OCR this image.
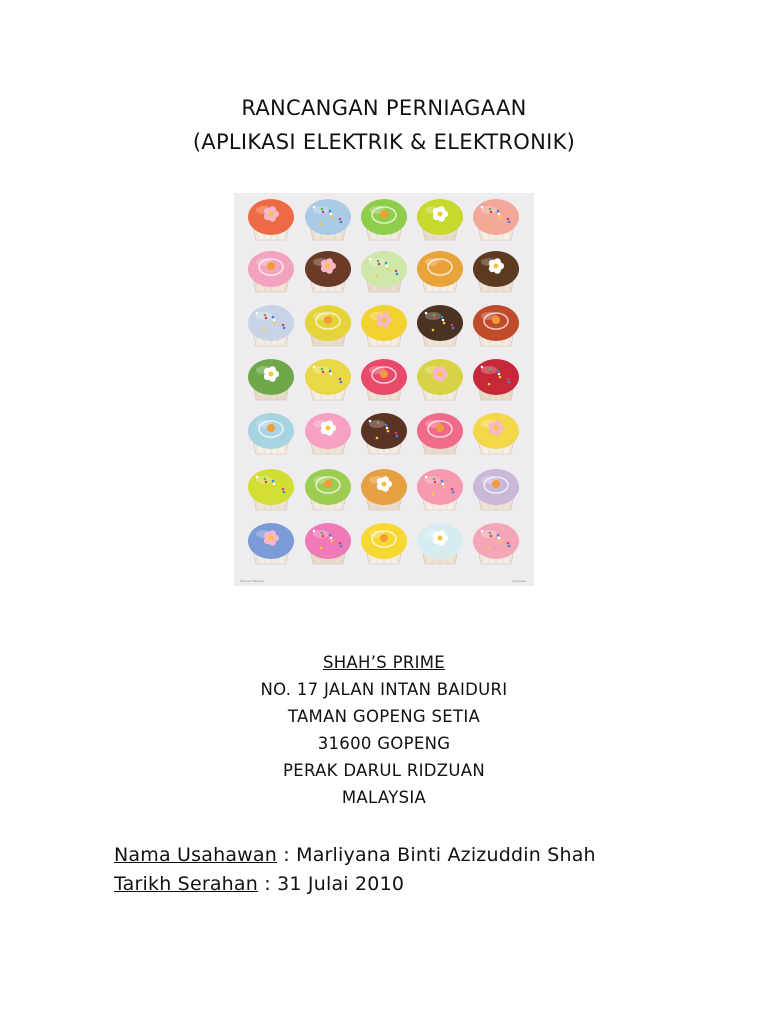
RANCANGAN PERNIAGAAN
(APLIKASI ELEKTRIK & ELEKTRONIK)
Hannah Beeche	Irg Cakes
SHAH’S PRIME
NO. 17 JALAN INTAN BAIDURI
TAMAN GOPENG SETIA
31600 GOPENG
PERAK DARUL RIDZUAN
MALAYSIA
Nama Usahawan : Marliyana Binti Azizuddin Shah
Tarikh Serahan : 31 Julai 2010
